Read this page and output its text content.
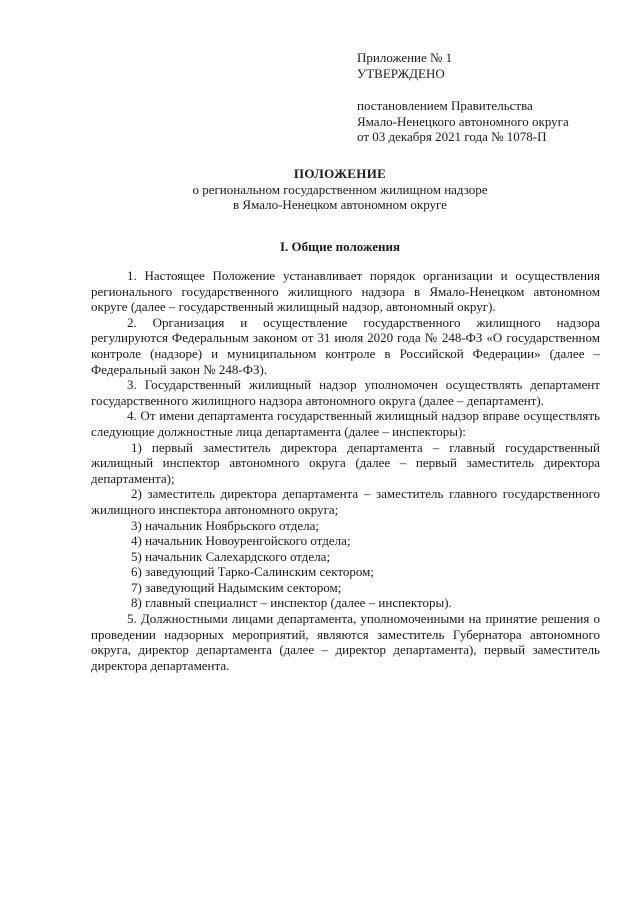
Приложение № 1
УТВЕРЖДЕНО
постановлением Правительства
Ямало-Ненецкого автономного округа
от 03 декабря 2021 года № 1078-П
ПОЛОЖЕНИЕ
о региональном государственном жилищном надзоре
в Ямало-Ненецком автономном округе
I. Общие положения

1. Настоящее Положение устанавливает порядок организации и осуществления регионального государственного жилищного надзора в Ямало-Ненецком автономном округе (далее – государственный жилищный надзор, автономный округ).

2. Организация и осуществление государственного жилищного надзора регулируются Федеральным законом от 31 июля 2020 года № 248-ФЗ «О государственном контроле (надзоре) и муниципальном контроле в Российской Федерации» (далее – Федеральный закон № 248-ФЗ).

3. Государственный жилищный надзор уполномочен осуществлять департамент государственного жилищного надзора автономного округа (далее – департамент).

4. От имени департамента государственный жилищный надзор вправе осуществлять следующие должностные лица департамента (далее – инспекторы):

1) первый заместитель директора департамента – главный государственный жилищный инспектор автономного округа (далее – первый заместитель директора департамента);

2) заместитель директора департамента – заместитель главного государственного жилищного инспектора автономного округа;

3) начальник Ноябрьского отдела;

4) начальник Новоуренгойского отдела;

5) начальник Салехардского отдела;

6) заведующий Тарко-Салинским сектором;

7) заведующий Надымским сектором;

8) главный специалист – инспектор (далее – инспекторы).

5. Должностными лицами департамента, уполномоченными на принятие решения о проведении надзорных мероприятий, являются заместитель Губернатора автономного округа, директор департамента (далее – директор департамента), первый заместитель директора департамента.
